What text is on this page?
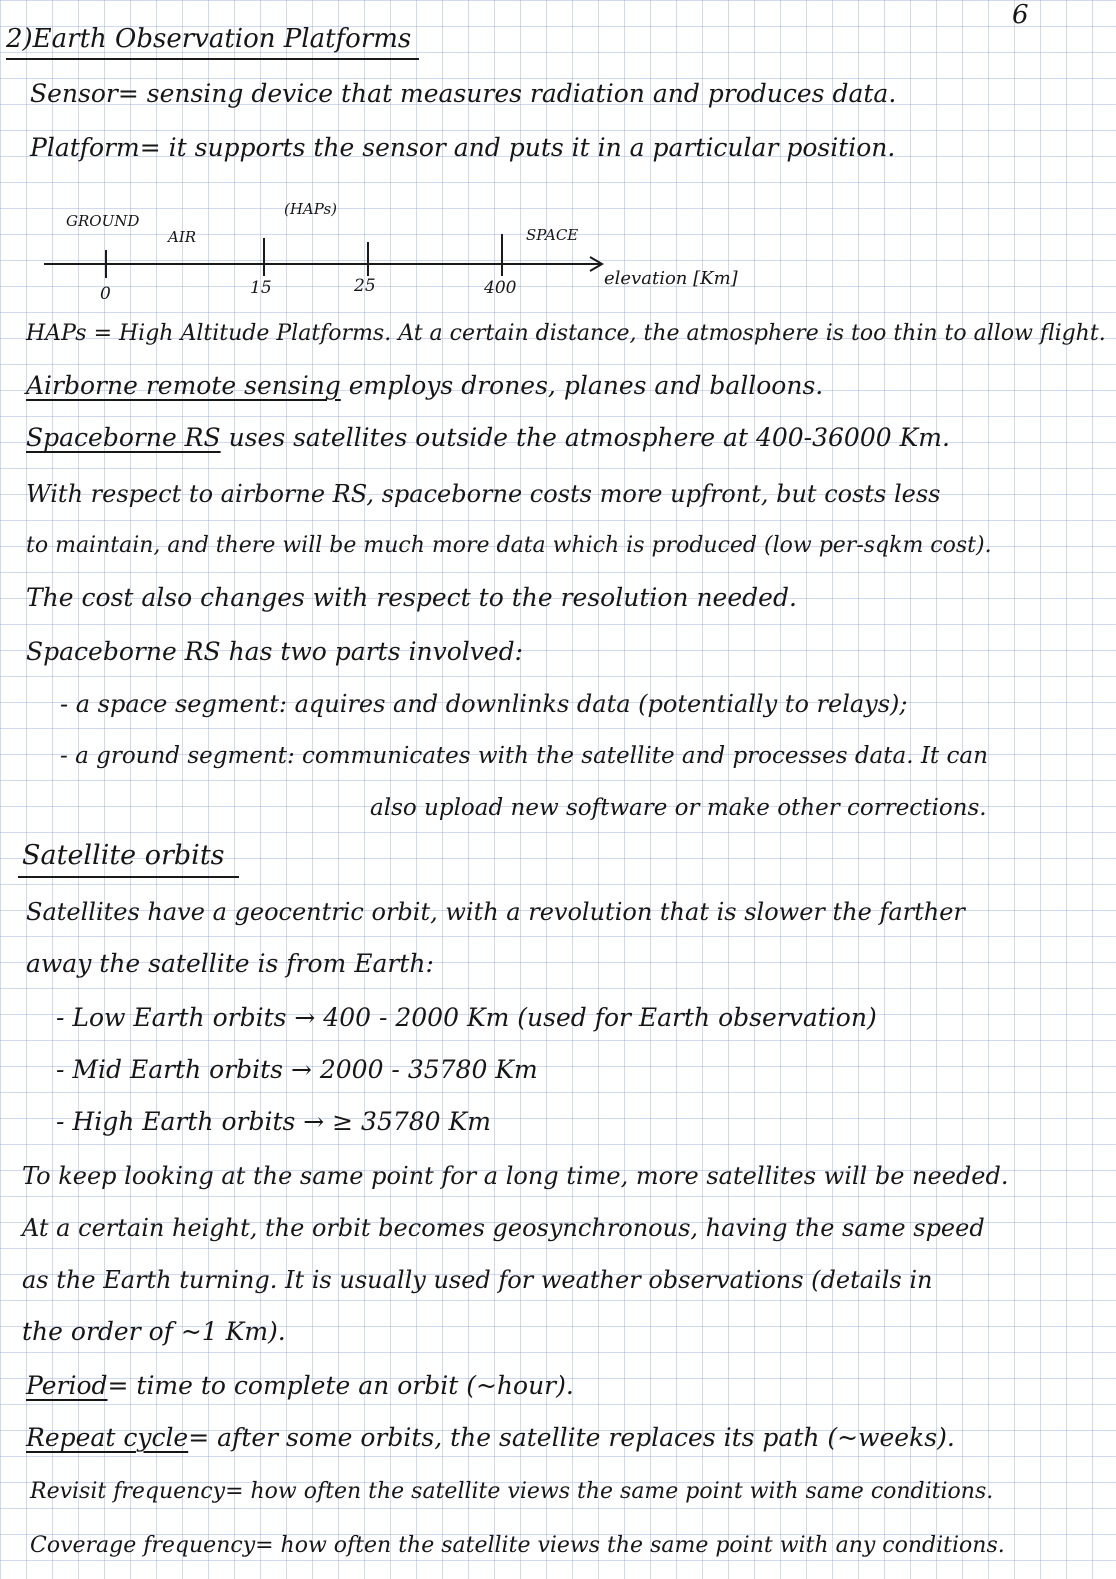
6
2)Earth Observation Platforms
Sensor= sensing device that measures radiation and produces data.
Platform= it supports the sensor and puts it in a particular position.
GROUND
AIR
(HAPs)
SPACE
elevation [Km]
0	15	25	400
HAPs = High Altitude Platforms. At a certain distance, the atmosphere is too thin to allow flight.
Airborne remote sensing employs drones, planes and balloons.
Spaceborne RS uses satellites outside the atmosphere at 400-36000 Km.
With respect to airborne RS, spaceborne costs more upfront, but costs less
to maintain, and there will be much more data which is produced (low per-sqkm cost).
The cost also changes with respect to the resolution needed.
Spaceborne RS has two parts involved:
- a space segment: aquires and downlinks data (potentially to relays);
- a ground segment: communicates with the satellite and processes data. It can
also upload new software or make other corrections.
Satellite orbits
Satellites have a geocentric orbit, with a revolution that is slower the farther
away the satellite is from Earth:
- Low Earth orbits → 400 - 2000 Km (used for Earth observation)
- Mid Earth orbits → 2000 - 35780 Km
- High Earth orbits → ≥ 35780 Km
To keep looking at the same point for a long time, more satellites will be needed.
At a certain height, the orbit becomes geosynchronous, having the same speed
as the Earth turning. It is usually used for weather observations (details in
the order of ~1 Km).
Period= time to complete an orbit (~hour).
Repeat cycle= after some orbits, the satellite replaces its path (~weeks).
Revisit frequency= how often the satellite views the same point with same conditions.
Coverage frequency= how often the satellite views the same point with any conditions.
